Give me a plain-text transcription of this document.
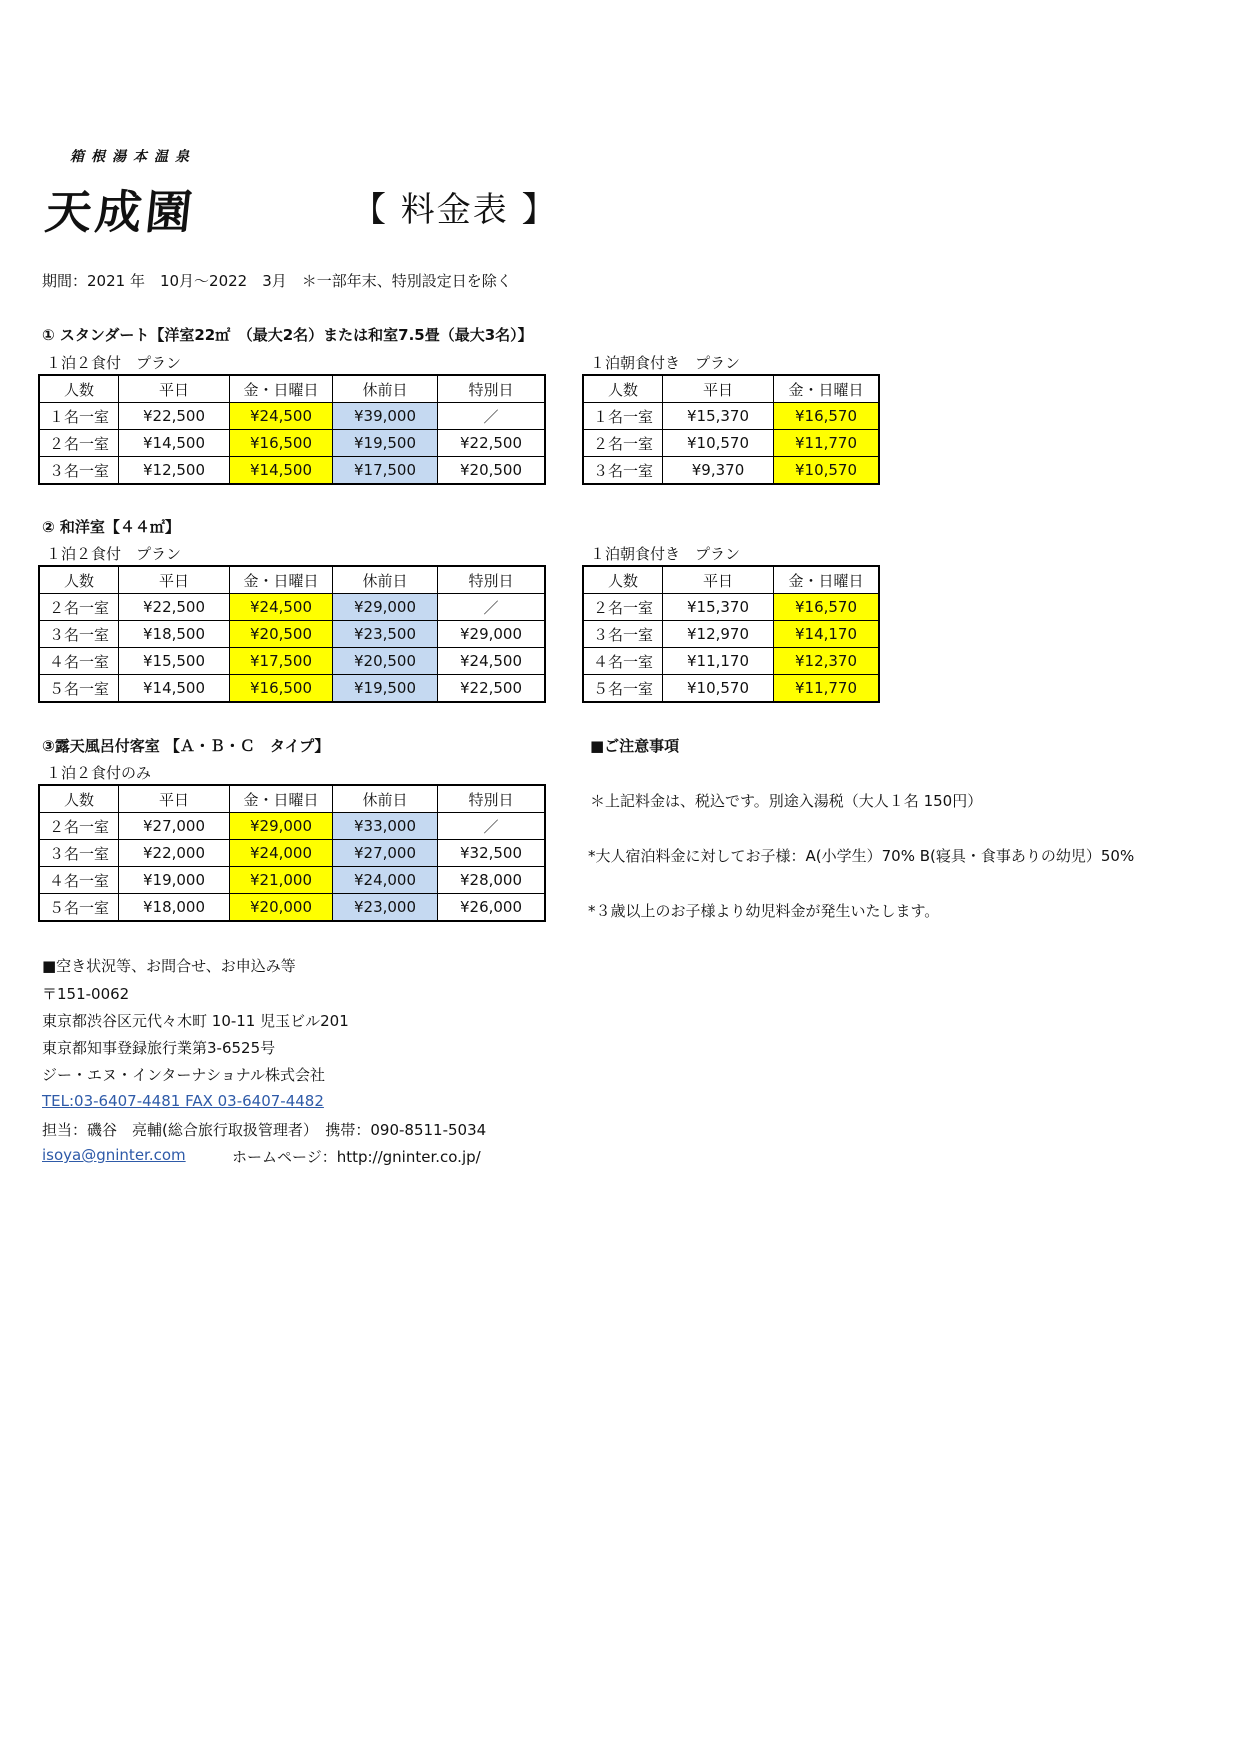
箱根湯本温泉
天成園	【 料金表 】
期間：2021 年　10月～2022　3月　＊一部年末、特別設定日を除く
① スタンダート【洋室22㎡　（最大2名）または和室7.5畳（最大3名）】
１泊２食付　プラン	１泊朝食付き　プラン
人数	平日	金・日曜日	休前日	特別日
１名一室	¥22,500	¥24,500	¥39,000	／
２名一室	¥14,500	¥16,500	¥19,500	¥22,500
３名一室	¥12,500	¥14,500	¥17,500	¥20,500
人数	平日	金・日曜日
１名一室	¥15,370	¥16,570
２名一室	¥10,570	¥11,770
３名一室	¥9,370	¥10,570
② 和洋室【４４㎡】
１泊２食付　プラン	１泊朝食付き　プラン
人数	平日	金・日曜日	休前日	特別日
２名一室	¥22,500	¥24,500	¥29,000	／
３名一室	¥18,500	¥20,500	¥23,500	¥29,000
４名一室	¥15,500	¥17,500	¥20,500	¥24,500
５名一室	¥14,500	¥16,500	¥19,500	¥22,500
人数	平日	金・日曜日
２名一室	¥15,370	¥16,570
３名一室	¥12,970	¥14,170
４名一室	¥11,170	¥12,370
５名一室	¥10,570	¥11,770
③露天風呂付客室 【Ａ・Ｂ・Ｃ　タイプ】
１泊２食付のみ
人数	平日	金・日曜日	休前日	特別日
２名一室	¥27,000	¥29,000	¥33,000	／
３名一室	¥22,000	¥24,000	¥27,000	¥32,500
４名一室	¥19,000	¥21,000	¥24,000	¥28,000
５名一室	¥18,000	¥20,000	¥23,000	¥26,000
■ご注意事項
＊上記料金は、税込です。別途入湯税（大人１名 150円）
*大人宿泊料金に対してお子様：A(小学生）70% B(寝具・食事ありの幼児）50%
*３歳以上のお子様より幼児料金が発生いたします。
■空き状況等、お問合せ、お申込み等
〒151-0062
東京都渋谷区元代々木町 10-11 児玉ビル201
東京都知事登録旅行業第3-6525号
ジー・エヌ・インターナショナル株式会社
TEL:03-6407-4481 FAX 03-6407-4482
担当：磯谷　亮輔(総合旅行取扱管理者）　携帯：090-8511-5034
isoya@gninter.com	ホームページ：http://gninter.co.jp/
